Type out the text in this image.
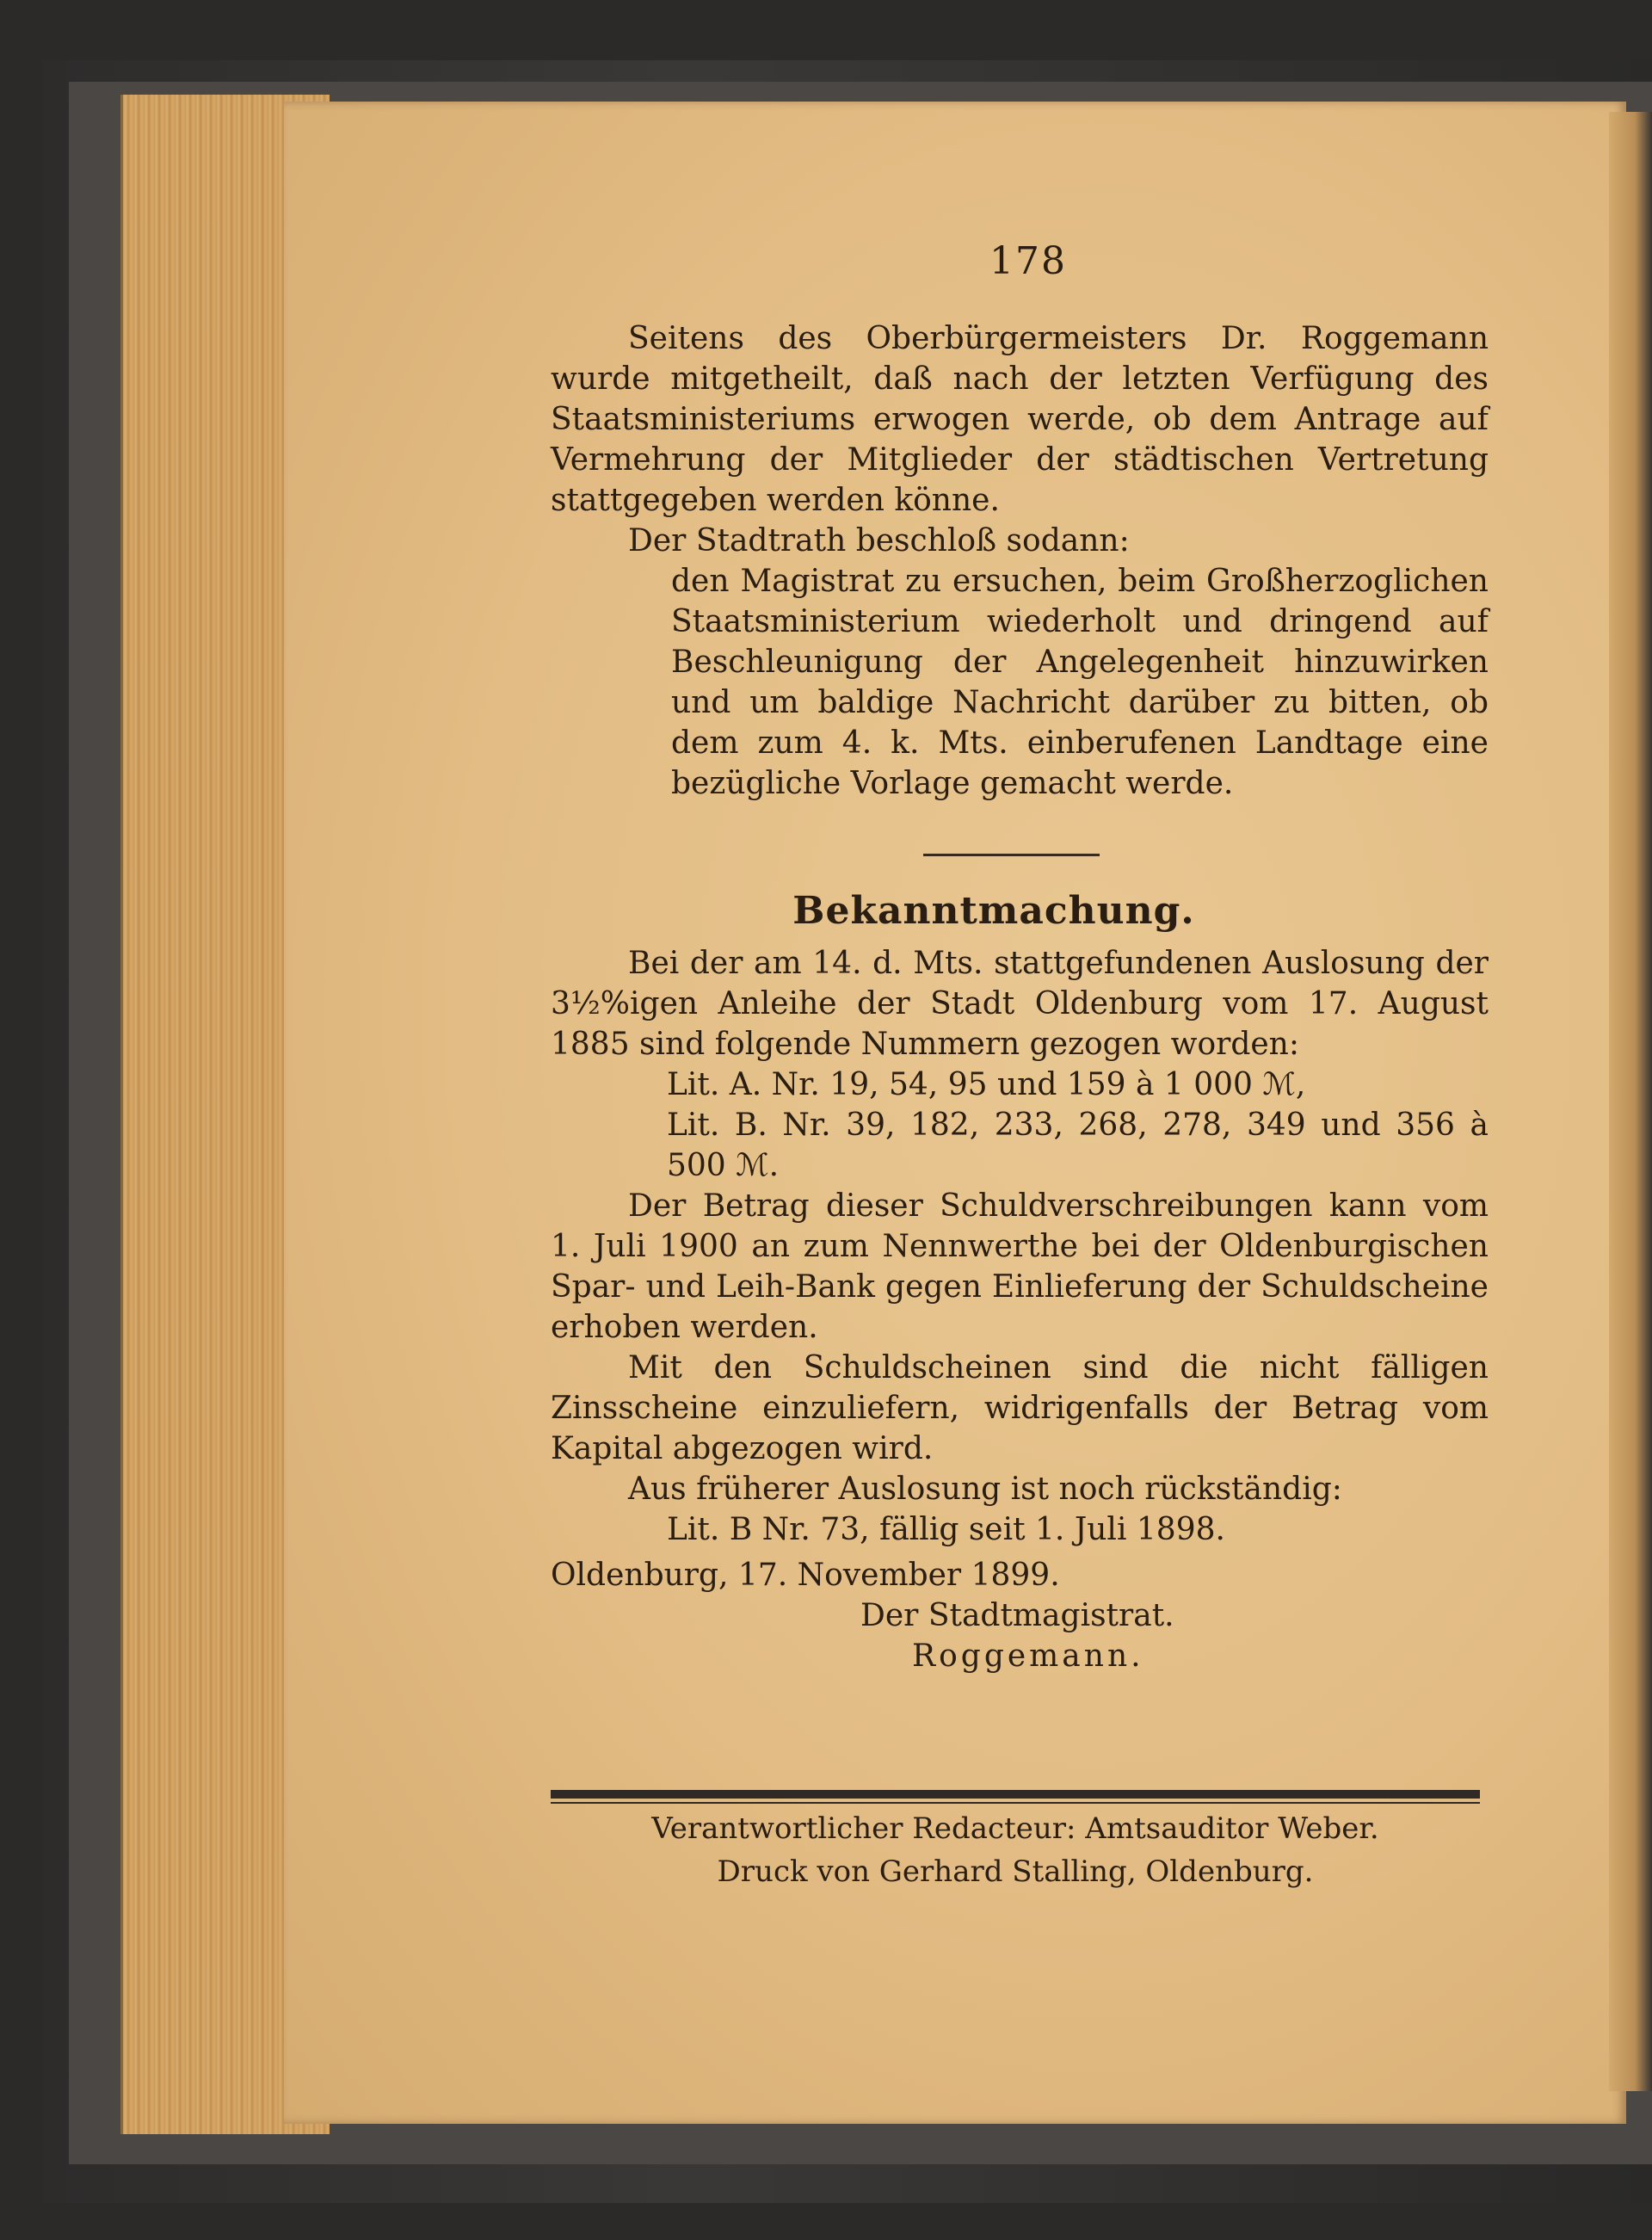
178

Seitens des Oberbürgermeisters Dr. Roggemann wurde mitgetheilt, daß nach der letzten Verfügung des Staatsministeriums erwogen werde, ob dem Antrage auf Vermehrung der Mitglieder der städtischen Vertretung stattgegeben werden könne.

Der Stadtrath beschloß sodann:

den Magistrat zu ersuchen, beim Großherzoglichen Staatsministerium wiederholt und dringend auf Beschleunigung der Angelegenheit hinzuwirken und um baldige Nachricht darüber zu bitten, ob dem zum 4. k. Mts. einberufenen Landtage eine bezügliche Vorlage gemacht werde.

Bekanntmachung.

Bei der am 14. d. Mts. stattgefundenen Auslosung der 3½%igen Anleihe der Stadt Oldenburg vom 17. August 1885 sind folgende Nummern gezogen worden:

Lit. A. Nr. 19, 54, 95 und 159 à 1 000 ℳ,

Lit. B. Nr. 39, 182, 233, 268, 278, 349 und 356 à 500 ℳ.

Der Betrag dieser Schuldverschreibungen kann vom 1. Juli 1900 an zum Nennwerthe bei der Oldenburgischen Spar- und Leih-Bank gegen Einlieferung der Schuldscheine erhoben werden.

Mit den Schuldscheinen sind die nicht fälligen Zinsscheine einzuliefern, widrigenfalls der Betrag vom Kapital abgezogen wird.

Aus früherer Auslosung ist noch rückständig:

Lit. B Nr. 73, fällig seit 1. Juli 1898.

Oldenburg, 17. November 1899.

Der Stadtmagistrat.

Roggemann.

Verantwortlicher Redacteur: Amtsauditor Weber.
Druck von Gerhard Stalling, Oldenburg.
